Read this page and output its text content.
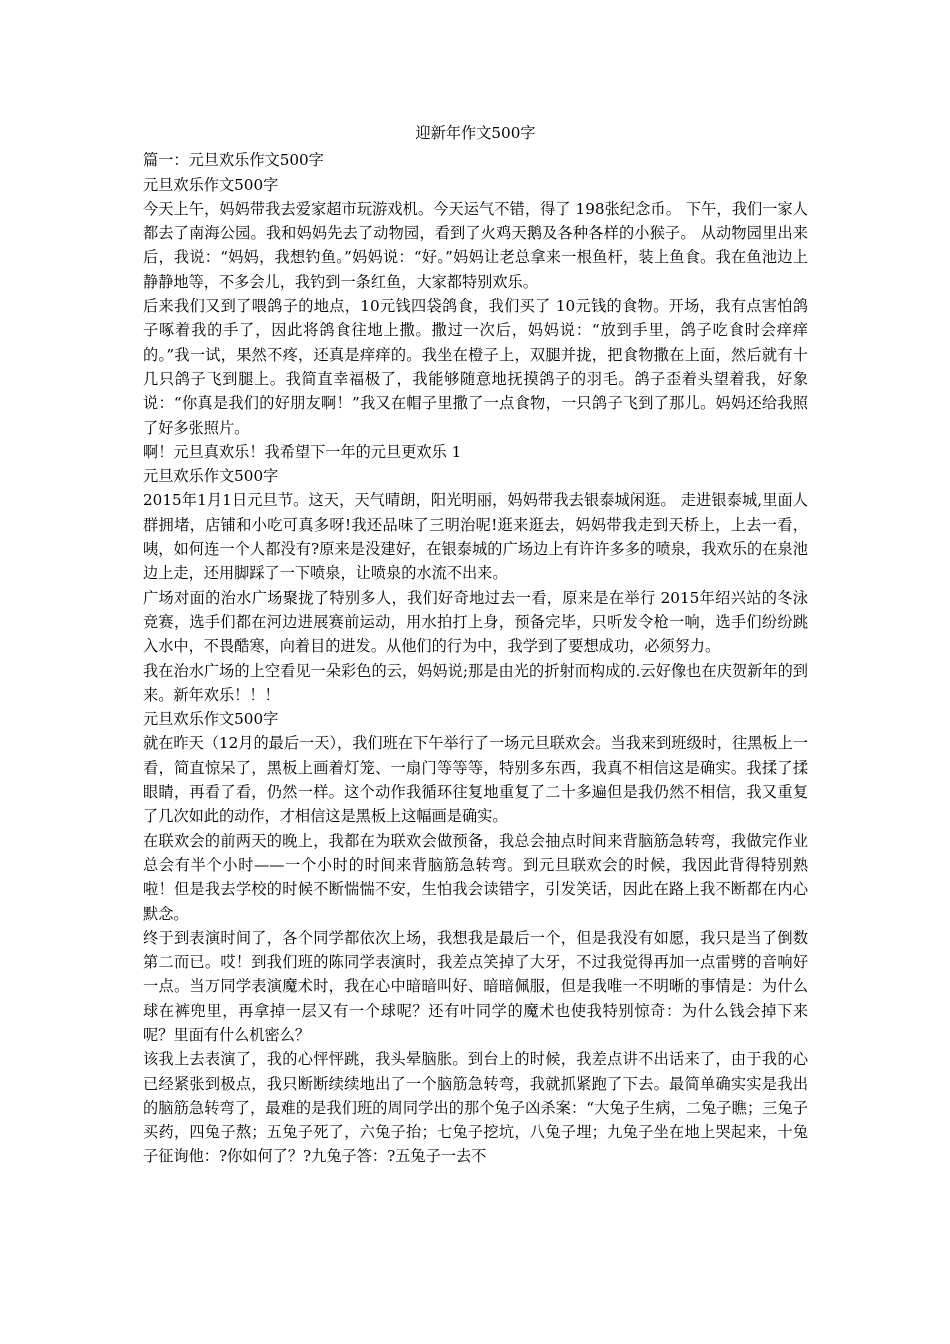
迎新年作文500字

篇一：元旦欢乐作文500字

元旦欢乐作文500字

今天上午，妈妈带我去爱家超市玩游戏机。今天运气不错，得了 198张纪念币。 下午，我们一家人都去了南海公园。我和妈妈先去了动物园，看到了火鸡天鹅及各种各样的小猴子。 从动物园里出来后，我说：“妈妈，我想钓鱼。”妈妈说：“好。”妈妈让老总拿来一根鱼杆，装上鱼食。我在鱼池边上静静地等，不多会儿，我钓到一条红鱼，大家都特别欢乐。

后来我们又到了喂鸽子的地点，10元钱四袋鸽食，我们买了 10元钱的食物。开场，我有点害怕鸽子啄着我的手了，因此将鸽食往地上撒。撒过一次后，妈妈说：“放到手里，鸽子吃食时会痒痒的。”我一试，果然不疼，还真是痒痒的。我坐在橙子上，双腿并拢，把食物撒在上面，然后就有十几只鸽子飞到腿上。我简直幸福极了，我能够随意地抚摸鸽子的羽毛。鸽子歪着头望着我，好象说：“你真是我们的好朋友啊！”我又在帽子里撒了一点食物，一只鸽子飞到了那儿。妈妈还给我照了好多张照片。

啊！元旦真欢乐！我希望下一年的元旦更欢乐 1

元旦欢乐作文500字

2015年1月1日元旦节。这天，天气晴朗，阳光明丽，妈妈带我去银泰城闲逛。 走进银泰城,里面人群拥堵，店铺和小吃可真多呀!我还品味了三明治呢!逛来逛去，妈妈带我走到天桥上，上去一看，咦，如何连一个人都没有?原来是没建好，在银泰城的广场边上有许许多多的喷泉，我欢乐的在泉池边上走，还用脚踩了一下喷泉，让喷泉的水流不出来。

广场对面的治水广场聚拢了特别多人，我们好奇地过去一看，原来是在举行 2015年绍兴站的冬泳竞赛，选手们都在河边进展赛前运动，用水拍打上身，预备完毕，只听发令枪一响，选手们纷纷跳入水中，不畏酷寒，向着目的进发。从他们的行为中，我学到了要想成功，必须努力。

我在治水广场的上空看见一朵彩色的云，妈妈说;那是由光的折射而构成的.云好像也在庆贺新年的到来。新年欢乐！！！

元旦欢乐作文500字

就在昨天（12月的最后一天），我们班在下午举行了一场元旦联欢会。当我来到班级时，往黑板上一看，简直惊呆了，黑板上画着灯笼、一扇门等等等，特别多东西，我真不相信这是确实。我揉了揉眼睛，再看了看，仍然一样。这个动作我循环往复地重复了二十多遍但是我仍然不相信，我又重复了几次如此的动作，才相信这是黑板上这幅画是确实。

在联欢会的前两天的晚上，我都在为联欢会做预备，我总会抽点时间来背脑筋急转弯，我做完作业总会有半个小时——一个小时的时间来背脑筋急转弯。到元旦联欢会的时候，我因此背得特别熟啦！但是我去学校的时候不断惴惴不安，生怕我会读错字，引发笑话，因此在路上我不断都在内心默念。

终于到表演时间了，各个同学都依次上场，我想我是最后一个，但是我没有如愿，我只是当了倒数第二而已。哎！到我们班的陈同学表演时，我差点笑掉了大牙，不过我觉得再加一点雷劈的音响好一点。当万同学表演魔术时，我在心中暗暗叫好、暗暗佩服，但是我唯一不明晰的事情是：为什么球在裤兜里，再拿掉一层又有一个球呢？还有叶同学的魔术也使我特别惊奇：为什么钱会掉下来呢？里面有什么机密么？

该我上去表演了，我的心怦怦跳，我头晕脑胀。到台上的时候，我差点讲不出话来了，由于我的心已经紧张到极点，我只断断续续地出了一个脑筋急转弯，我就抓紧跑了下去。最简单确实实是我出的脑筋急转弯了，最难的是我们班的周同学出的那个兔子凶杀案：“大兔子生病，二兔子瞧；三兔子买药，四兔子熬；五兔子死了，六兔子抬；七兔子挖坑，八兔子埋；九兔子坐在地上哭起来，十兔子征询他：?你如何了？?九兔子答：?五兔子一去不
